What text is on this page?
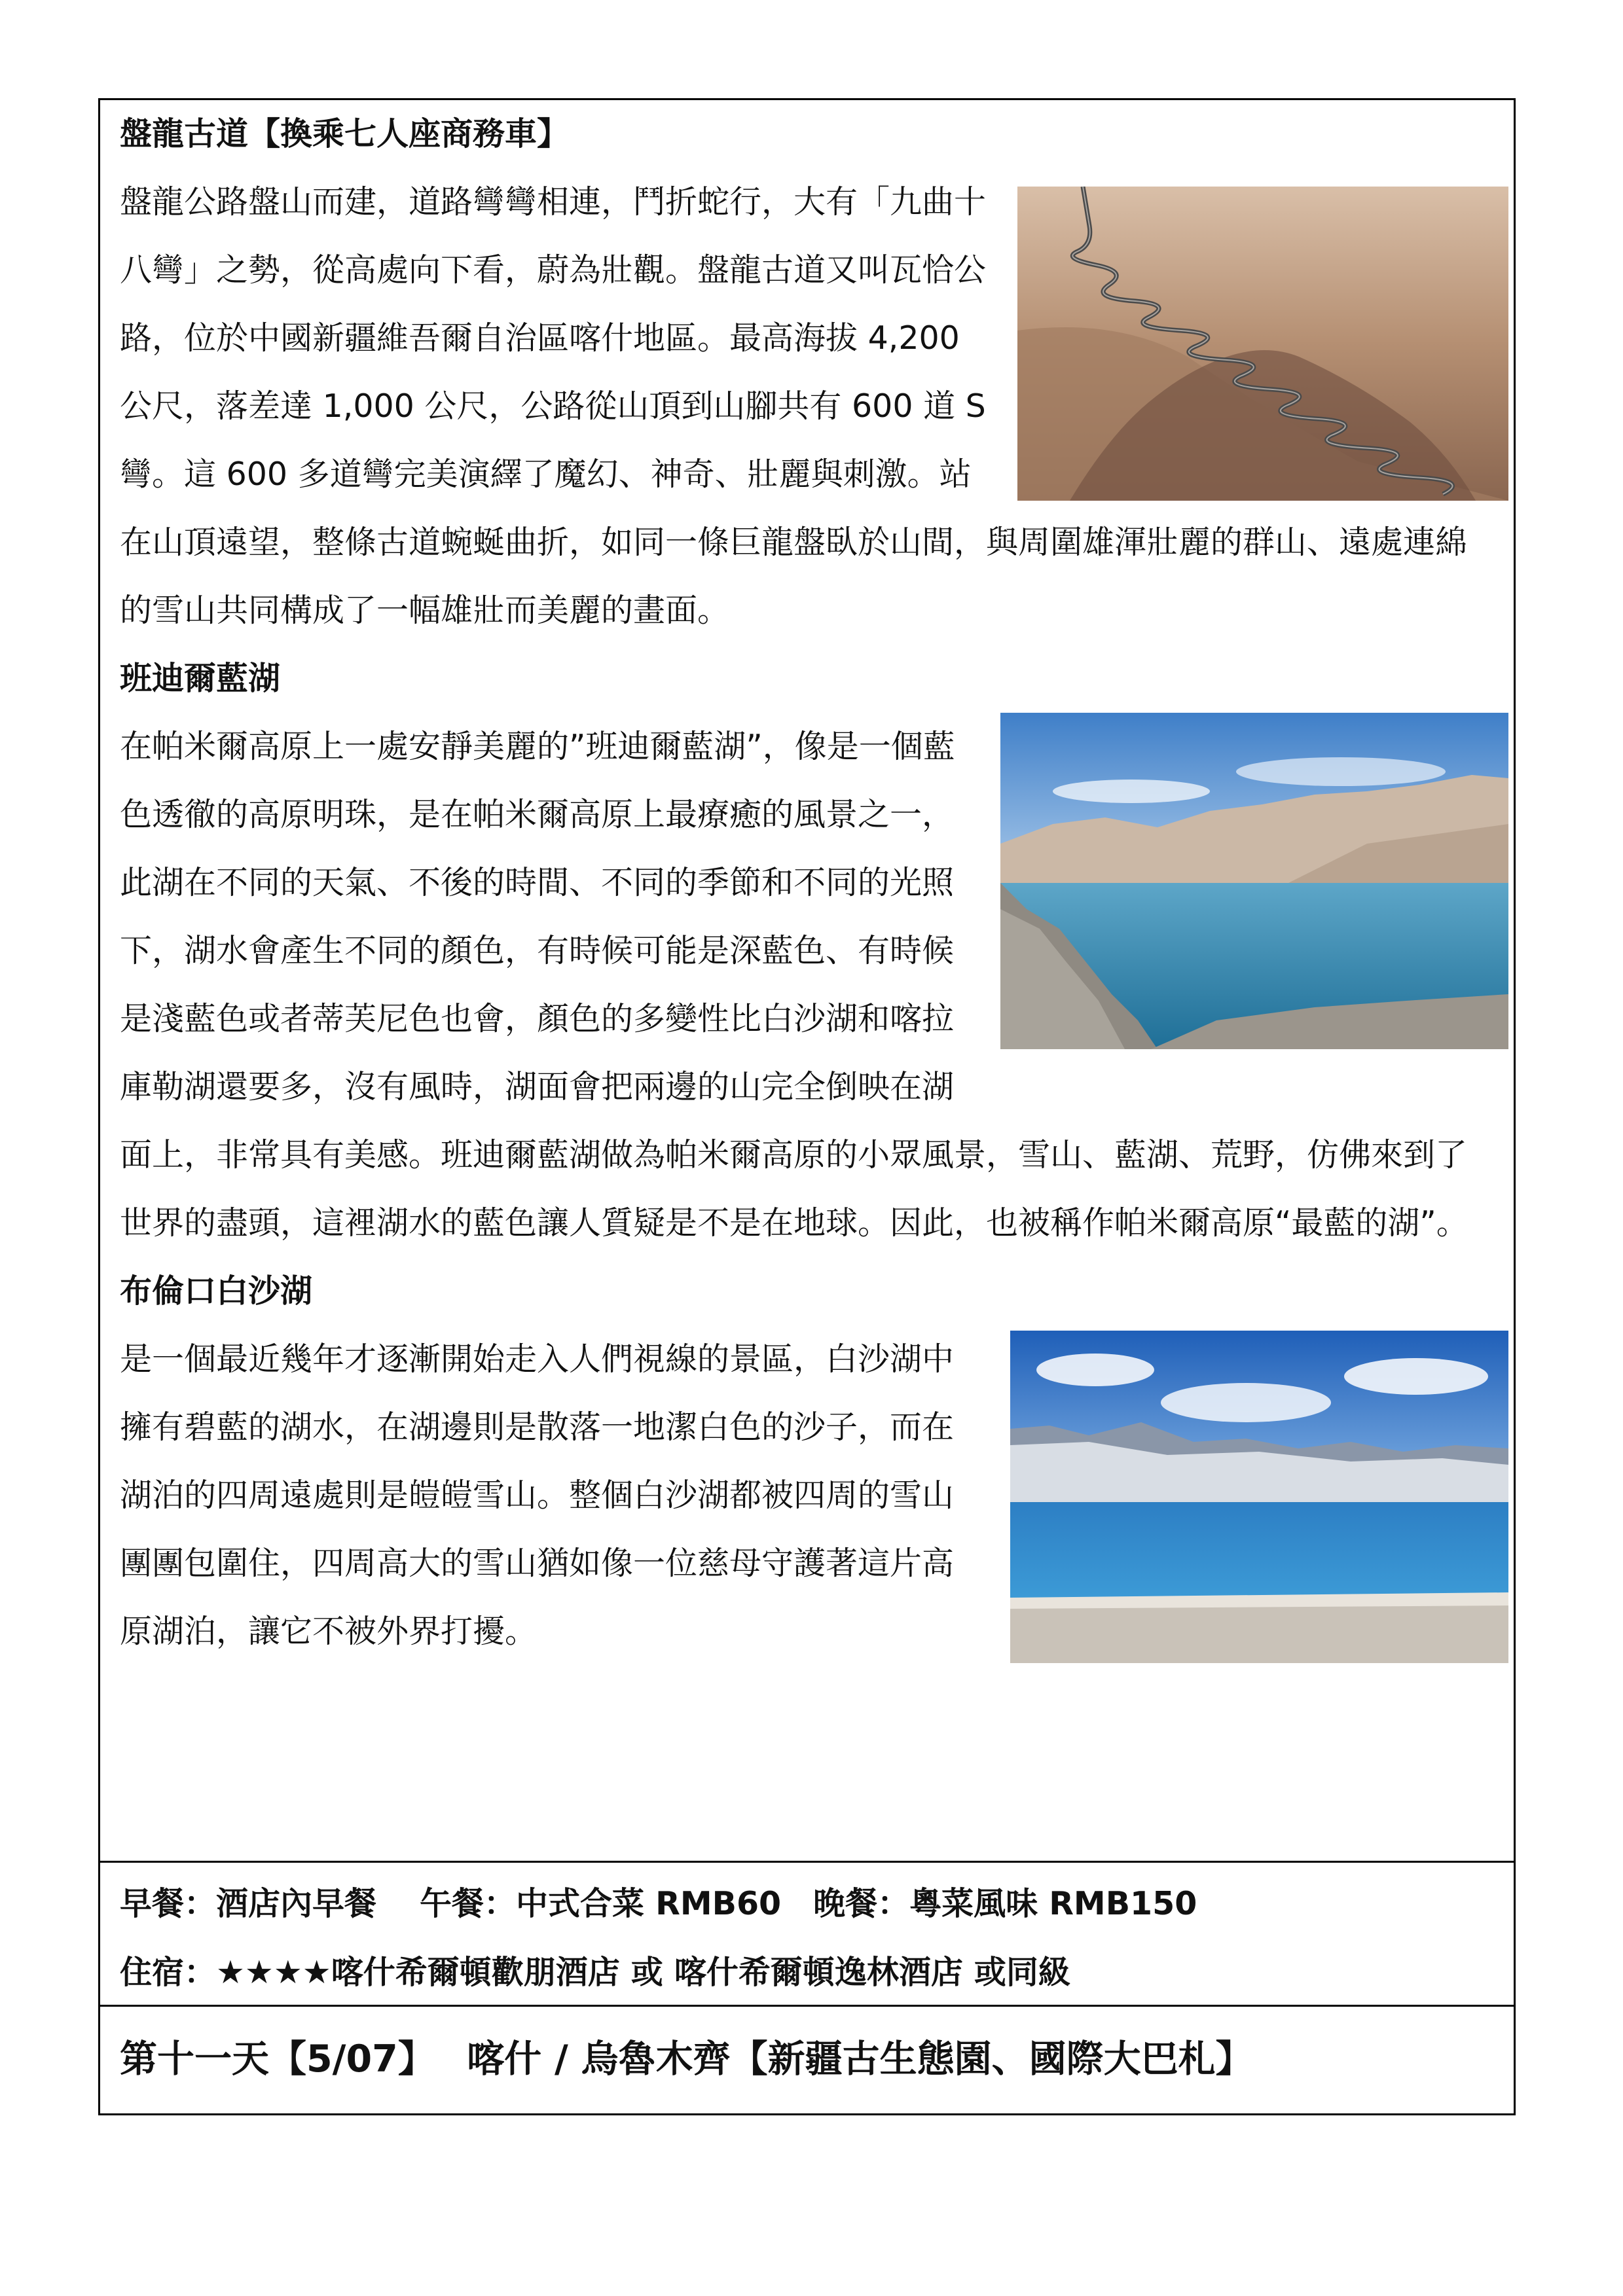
盤龍古道【換乘七人座商務車】

盤龍公路盤山而建，道路彎彎相連，鬥折蛇行，大有「九曲十八彎」之勢，從高處向下看，蔚為壯觀。盤龍古道又叫瓦恰公路，位於中國新疆維吾爾自治區喀什地區。最高海拔 4,200 公尺，落差達 1,000 公尺，公路從山頂到山腳共有 600 道 S 彎。這 600 多道彎完美演繹了魔幻、神奇、壯麗與刺激。站在山頂遠望，整條古道蜿蜒曲折，如同一條巨龍盤臥於山間，與周圍雄渾壯麗的群山、遠處連綿的雪山共同構成了一幅雄壯而美麗的畫面。

班迪爾藍湖

在帕米爾高原上一處安靜美麗的”班迪爾藍湖”，像是一個藍色透徹的高原明珠，是在帕米爾高原上最療癒的風景之一，此湖在不同的天氣、不後的時間、不同的季節和不同的光照下，湖水會產生不同的顏色，有時候可能是深藍色、有時候是淺藍色或者蒂芙尼色也會，顏色的多變性比白沙湖和喀拉庫勒湖還要多，沒有風時，湖面會把兩邊的山完全倒映在湖面上，非常具有美感。班迪爾藍湖做為帕米爾高原的小眾風景，雪山、藍湖、荒野，仿佛來到了世界的盡頭，這裡湖水的藍色讓人質疑是不是在地球。因此，也被稱作帕米爾高原“最藍的湖”。

布倫口白沙湖

是一個最近幾年才逐漸開始走入人們視線的景區，白沙湖中擁有碧藍的湖水，在湖邊則是散落一地潔白色的沙子，而在湖泊的四周遠處則是皚皚雪山。整個白沙湖都被四周的雪山團團包圍住，四周高大的雪山猶如像一位慈母守護著這片高原湖泊，讓它不被外界打擾。

早餐：酒店內早餐　 午餐：中式合菜 RMB60　晚餐：粵菜風味 RMB150

住宿：★★★★喀什希爾頓歡朋酒店 或 喀什希爾頓逸林酒店 或同級

第十一天【5/07】　 喀什 / 烏魯木齊【新疆古生態園、國際大巴札】
